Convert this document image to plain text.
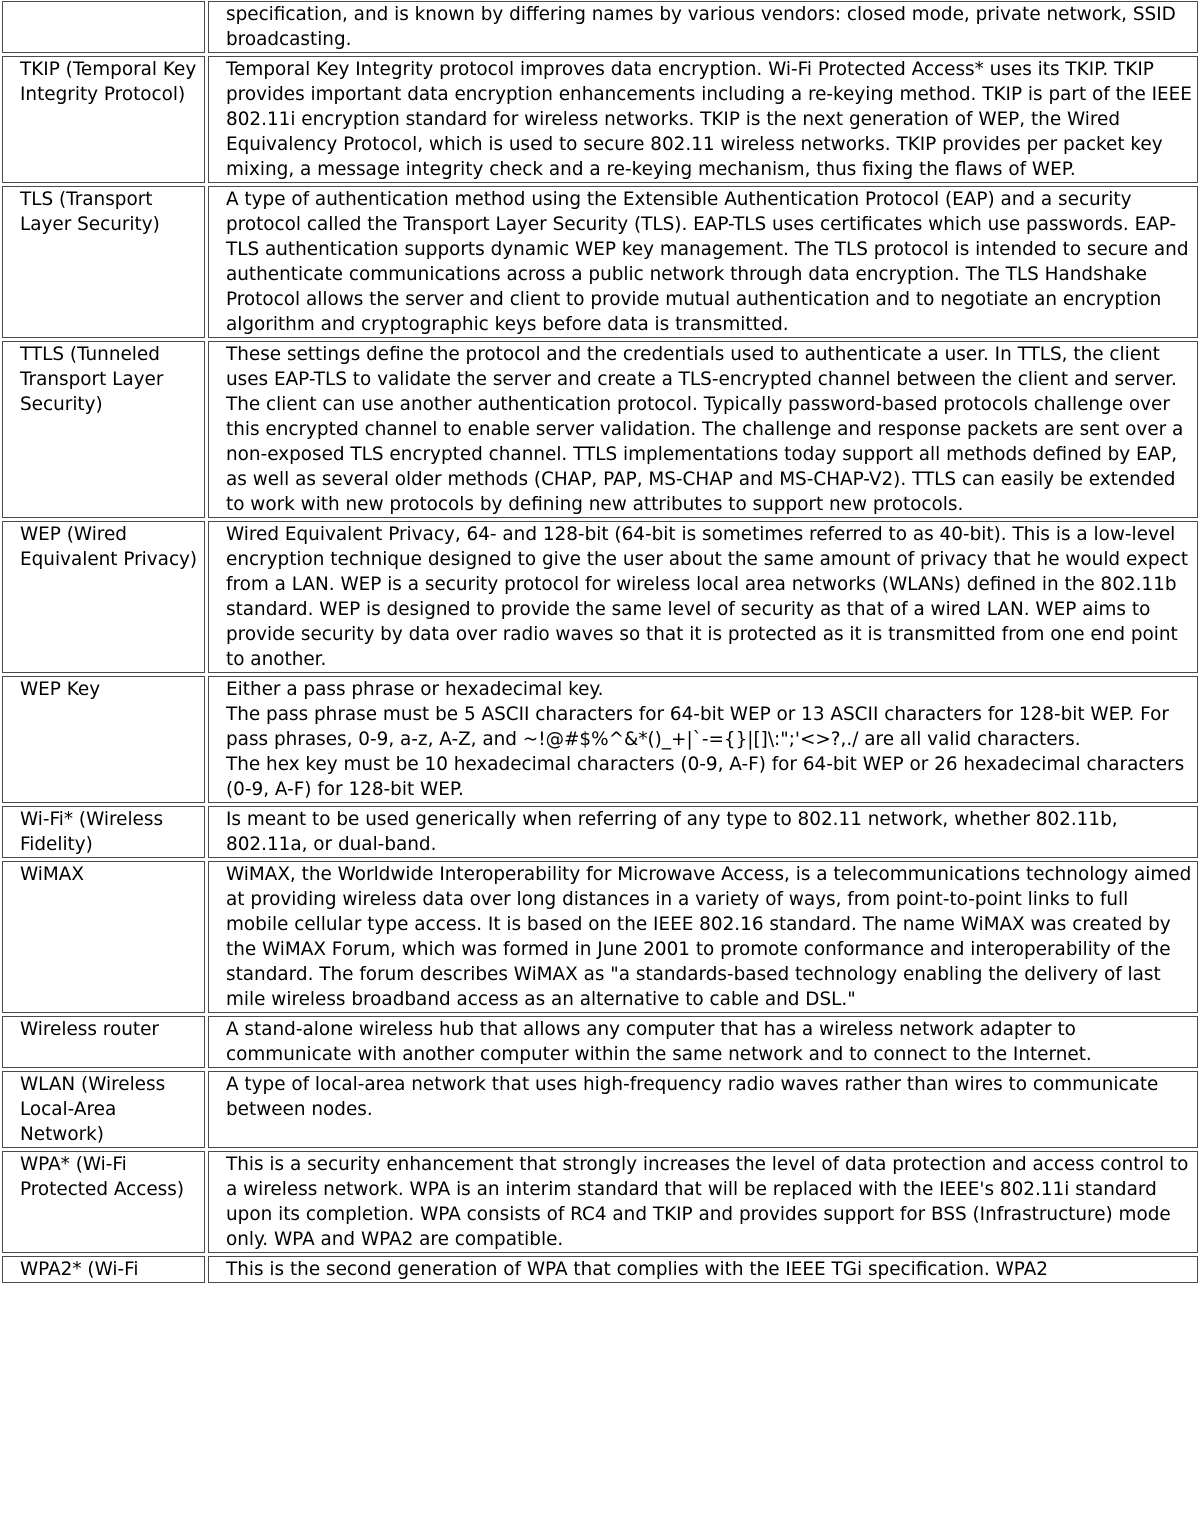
		specification, and is known by differing names by various vendors: closed mode, private network, SSID broadcasting.
TKIP (Temporal Key Integrity Protocol)		Temporal Key Integrity protocol improves data encryption. Wi-Fi Protected Access* uses its TKIP. TKIP provides important data encryption enhancements including a re-keying method. TKIP is part of the IEEE 802.11i encryption standard for wireless networks. TKIP is the next generation of WEP, the Wired Equivalency Protocol, which is used to secure 802.11 wireless networks. TKIP provides per packet key mixing, a message integrity check and a re-keying mechanism, thus fixing the flaws of WEP.
TLS (Transport Layer Security)		A type of authentication method using the Extensible Authentication Protocol (EAP) and a security protocol called the Transport Layer Security (TLS). EAP-TLS uses certificates which use passwords. EAP-TLS authentication supports dynamic WEP key management. The TLS protocol is intended to secure and authenticate communications across a public network through data encryption. The TLS Handshake Protocol allows the server and client to provide mutual authentication and to negotiate an encryption algorithm and cryptographic keys before data is transmitted.
TTLS (Tunneled Transport Layer Security)		These settings define the protocol and the credentials used to authenticate a user. In TTLS, the client uses EAP-TLS to validate the server and create a TLS-encrypted channel between the client and server. The client can use another authentication protocol. Typically password-based protocols challenge over this encrypted channel to enable server validation. The challenge and response packets are sent over a non-exposed TLS encrypted channel. TTLS implementations today support all methods defined by EAP, as well as several older methods (CHAP, PAP, MS-CHAP and MS-CHAP-V2). TTLS can easily be extended to work with new protocols by defining new attributes to support new protocols.
WEP (Wired Equivalent Privacy)		Wired Equivalent Privacy, 64- and 128-bit (64-bit is sometimes referred to as 40-bit). This is a low-level encryption technique designed to give the user about the same amount of privacy that he would expect from a LAN. WEP is a security protocol for wireless local area networks (WLANs) defined in the 802.11b standard. WEP is designed to provide the same level of security as that of a wired LAN. WEP aims to provide security by data over radio waves so that it is protected as it is transmitted from one end point to another.
WEP Key		Either a pass phrase or hexadecimal key.
The pass phrase must be 5 ASCII characters for 64-bit WEP or 13 ASCII characters for 128-bit WEP. For pass phrases, 0-9, a-z, A-Z, and ~!@#$%^&*()_+|`-={}|[]\:";'<>?,./ are all valid characters.
The hex key must be 10 hexadecimal characters (0-9, A-F) for 64-bit WEP or 26 hexadecimal characters (0-9, A-F) for 128-bit WEP.

Wi-Fi* (Wireless Fidelity)		Is meant to be used generically when referring of any type to 802.11 network, whether 802.11b, 802.11a, or dual-band.
WiMAX		WiMAX, the Worldwide Interoperability for Microwave Access, is a telecommunications technology aimed at providing wireless data over long distances in a variety of ways, from point-to-point links to full mobile cellular type access. It is based on the IEEE 802.16 standard. The name WiMAX was created by the WiMAX Forum, which was formed in June 2001 to promote conformance and interoperability of the standard. The forum describes WiMAX as "a standards-based technology enabling the delivery of last mile wireless broadband access as an alternative to cable and DSL."
Wireless router		A stand-alone wireless hub that allows any computer that has a wireless network adapter to communicate with another computer within the same network and to connect to the Internet.
WLAN (Wireless Local-Area Network)		A type of local-area network that uses high-frequency radio waves rather than wires to communicate between nodes.
WPA* (Wi-Fi Protected Access)		This is a security enhancement that strongly increases the level of data protection and access control to a wireless network. WPA is an interim standard that will be replaced with the IEEE's 802.11i standard upon its completion. WPA consists of RC4 and TKIP and provides support for BSS (Infrastructure) mode only. WPA and WPA2 are compatible.
WPA2* (Wi-Fi		This is the second generation of WPA that complies with the IEEE TGi specification. WPA2
